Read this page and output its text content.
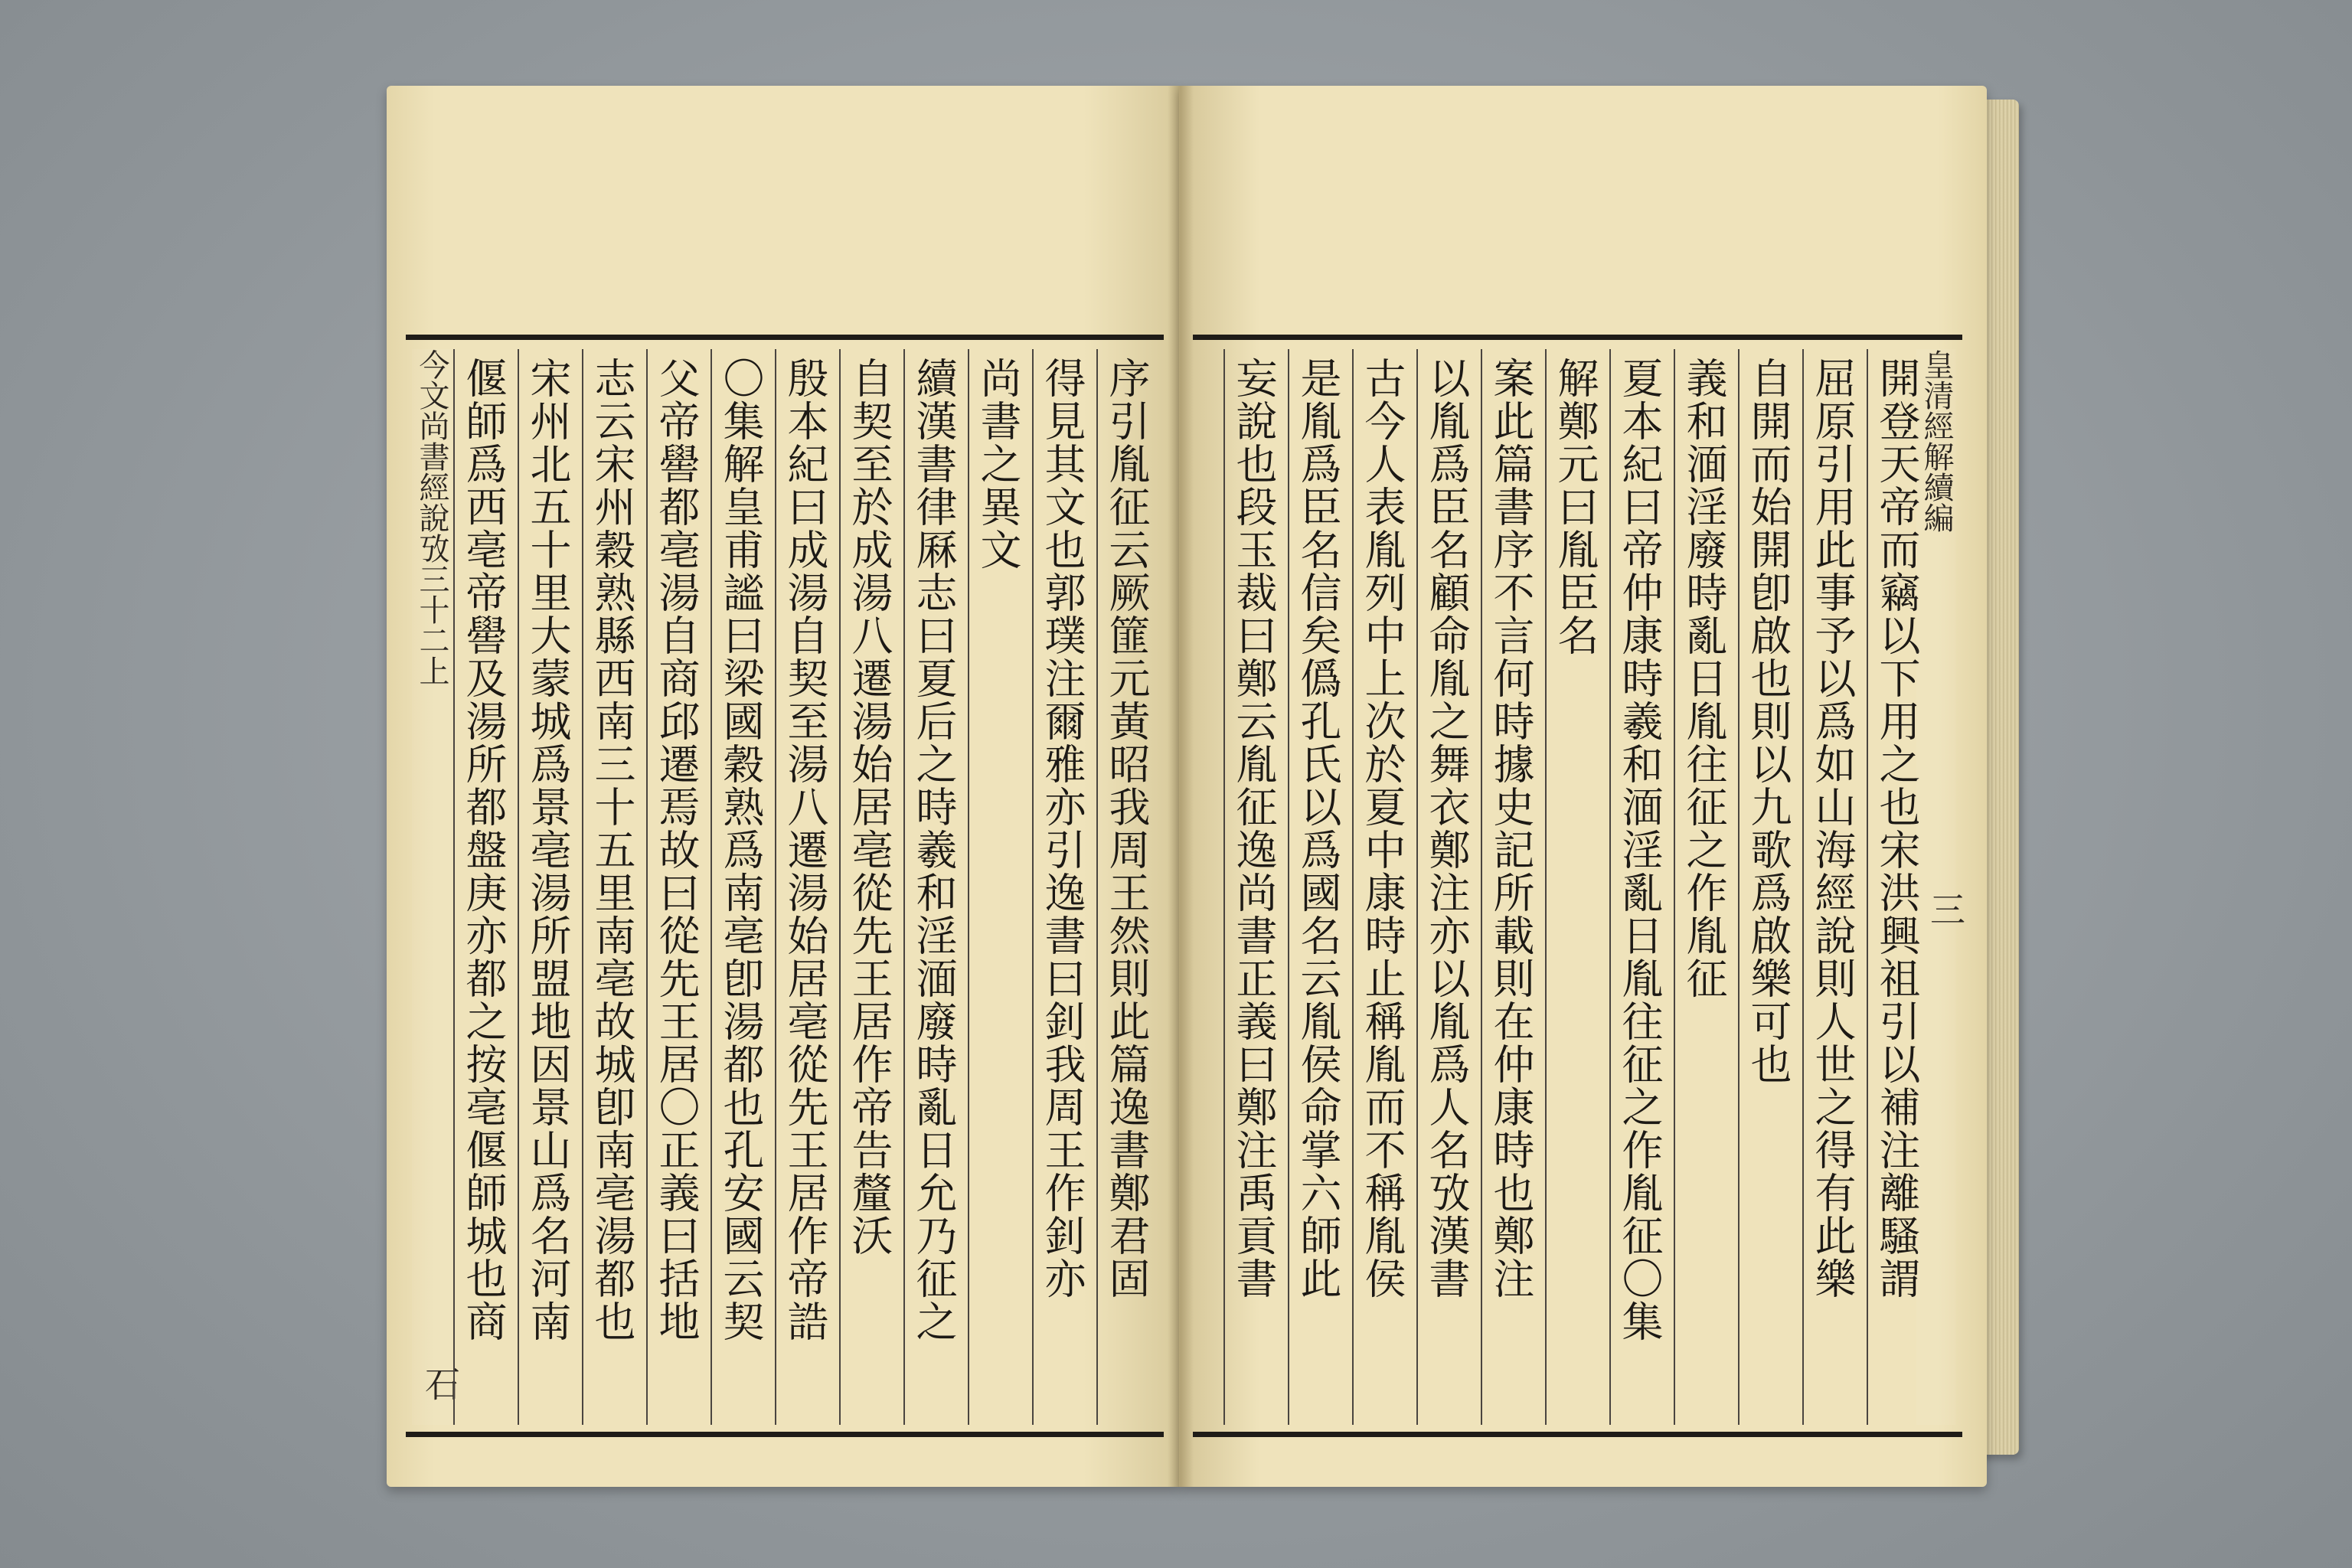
今文尚書經說攷三十二上
石
偃師爲西亳帝嚳及湯所都盤庚亦都之按亳偃師城也商 宋州北五十里大蒙城爲景亳湯所盟地因景山爲名河南 志云宋州穀熟縣西南三十五里南亳故城卽南亳湯都也 父帝嚳都亳湯自商邱遷焉故曰從先王居〇正義曰括地 〇集解皇甫謐曰梁國穀熟爲南亳卽湯都也孔安國云契 殷本紀曰成湯自契至湯八遷湯始居亳從先王居作帝誥 自契至於成湯八遷湯始居亳從先王居作帝告釐沃 續漢書律厤志曰夏后之時羲和淫湎廢時亂日允乃征之 尚書之異文 得見其文也郭璞注爾雅亦引逸書曰釗我周王作釗亦 序引胤征云厥篚元黃昭我周王然則此篇逸書鄭君固 妄說也段玉裁曰鄭云胤征逸尚書正義曰鄭注禹貢書 是胤爲臣名信矣僞孔氏以爲國名云胤侯命掌六師此 古今人表胤列中上次於夏中康時止稱胤而不稱胤侯 以胤爲臣名顧命胤之舞衣鄭注亦以胤爲人名攷漢書 案此篇書序不言何時據史記所載則在仲康時也鄭注 解鄭元曰胤臣名 夏本紀曰帝仲康時羲和湎淫亂日胤往征之作胤征〇集 義和湎淫廢時亂日胤往征之作胤征 自開而始開卽啟也則以九歌爲啟樂可也 屈原引用此事予以爲如山海經說則人世之得有此樂 開登天帝而竊以下用之也宋洪興祖引以補注離騷謂
皇清經解續編
三
